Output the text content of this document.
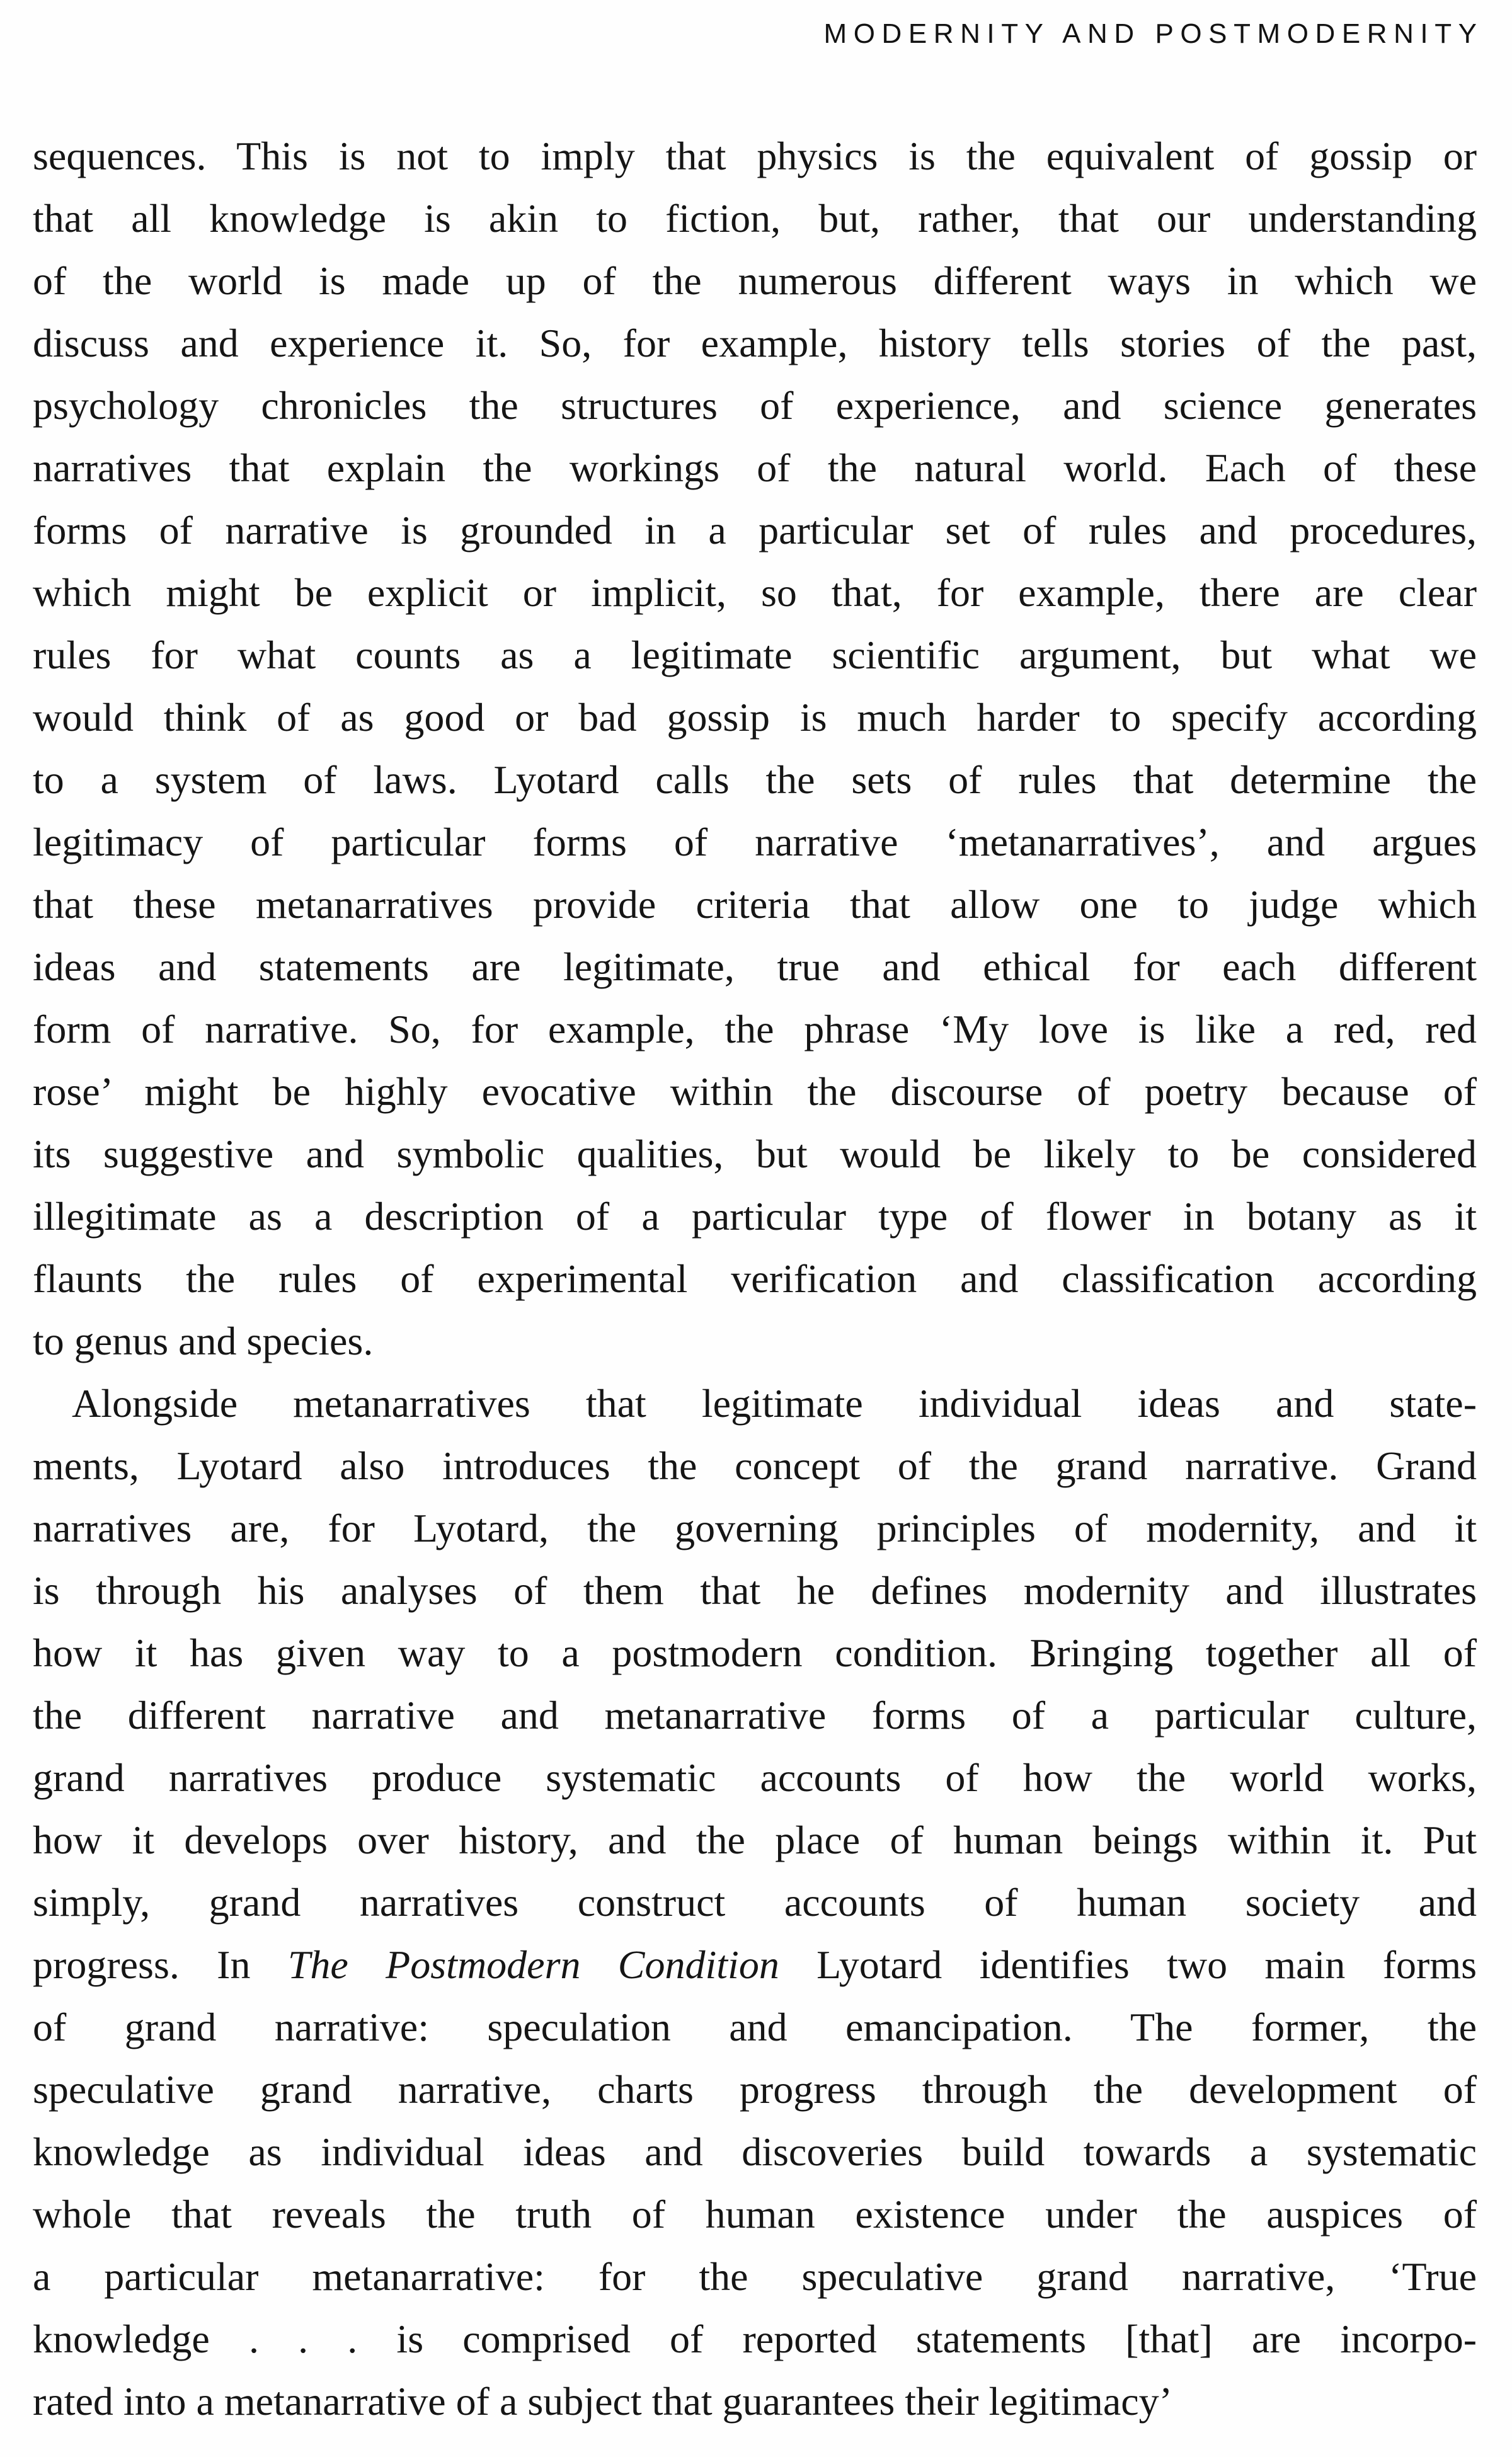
MODERNITY AND POSTMODERNITY
sequences. This is not to imply that physics is the equivalent of gossip or
that all knowledge is akin to fiction, but, rather, that our understanding
of the world is made up of the numerous different ways in which we
discuss and experience it. So, for example, history tells stories of the past,
psychology chronicles the structures of experience, and science generates
narratives that explain the workings of the natural world. Each of these
forms of narrative is grounded in a particular set of rules and procedures,
which might be explicit or implicit, so that, for example, there are clear
rules for what counts as a legitimate scientific argument, but what we
would think of as good or bad gossip is much harder to specify according
to a system of laws. Lyotard calls the sets of rules that determine the
legitimacy of particular forms of narrative ‘metanarratives’, and argues
that these metanarratives provide criteria that allow one to judge which
ideas and statements are legitimate, true and ethical for each different
form of narrative. So, for example, the phrase ‘My love is like a red, red
rose’ might be highly evocative within the discourse of poetry because of
its suggestive and symbolic qualities, but would be likely to be considered
illegitimate as a description of a particular type of flower in botany as it
flaunts the rules of experimental verification and classification according
to genus and species.
Alongside metanarratives that legitimate individual ideas and state-
ments, Lyotard also introduces the concept of the grand narrative. Grand
narratives are, for Lyotard, the governing principles of modernity, and it
is through his analyses of them that he defines modernity and illustrates
how it has given way to a postmodern condition. Bringing together all of
the different narrative and metanarrative forms of a particular culture,
grand narratives produce systematic accounts of how the world works,
how it develops over history, and the place of human beings within it. Put
simply, grand narratives construct accounts of human society and
progress. In The Postmodern Condition Lyotard identifies two main forms
of grand narrative: speculation and emancipation. The former, the
speculative grand narrative, charts progress through the development of
knowledge as individual ideas and discoveries build towards a systematic
whole that reveals the truth of human existence under the auspices of
a particular metanarrative: for the speculative grand narrative, ‘True
knowledge . . . is comprised of reported statements [that] are incorpo-
rated into a metanarrative of a subject that guarantees their legitimacy’
